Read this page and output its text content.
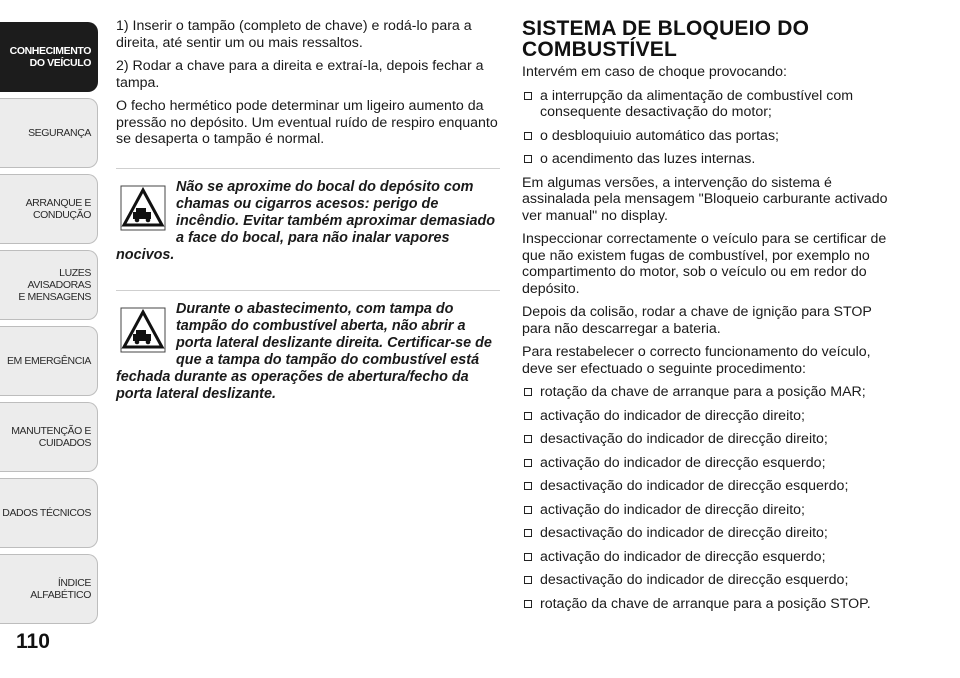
CONHECIMENTO
DO VEÍCULO
SEGURANÇA
ARRANQUE E
CONDUÇÃO
LUZES AVISADORAS
E MENSAGENS
EM EMERGÊNCIA
MANUTENÇÃO E
CUIDADOS
DADOS TÉCNICOS
ÍNDICE ALFABÉTICO
110

1) Inserir o tampão (completo de chave) e rodá-lo para a direita, até sentir um ou mais ressaltos.

2) Rodar a chave para a direita e extraí-la, depois fechar a tampa.

O fecho hermético pode determinar um ligeiro aumento da pressão no depósito. Um eventual ruído de respiro enquanto se desaperta o tampão é normal.

Não se aproxime do bocal do depósito com chamas ou cigarros acesos: perigo de incêndio. Evitar também aproximar demasiado a face do bocal, para não inalar vapores nocivos.

Durante o abastecimento, com tampa do tampão do combustível aberta, não abrir a porta lateral deslizante direita. Certificar-se de que a tampa do tampão do combustível está fechada durante as operações de abertura/fecho da porta lateral deslizante.

SISTEMA DE BLOQUEIO DO COMBUSTÍVEL

Intervém em caso de choque provocando:

a interrupção da alimentação de combustível com consequente desactivação do motor;
o desbloquiuio automático das portas;
o acendimento das luzes internas.

Em algumas versões, a intervenção do sistema é assinalada pela mensagem "Bloqueio carburante activado ver manual" no display.

Inspeccionar correctamente o veículo para se certificar de que não existem fugas de combustível, por exemplo no compartimento do motor, sob o veículo ou em redor do depósito.

Depois da colisão, rodar a chave de ignição para STOP para não descarregar a bateria.

Para restabelecer o correcto funcionamento do veículo, deve ser efectuado o seguinte procedimento:

rotação da chave de arranque para a posição MAR;
activação do indicador de direcção direito;
desactivação do indicador de direcção direito;
activação do indicador de direcção esquerdo;
desactivação do indicador de direcção esquerdo;
activação do indicador de direcção direito;
desactivação do indicador de direcção direito;
activação do indicador de direcção esquerdo;
desactivação do indicador de direcção esquerdo;
rotação da chave de arranque para a posição STOP.
